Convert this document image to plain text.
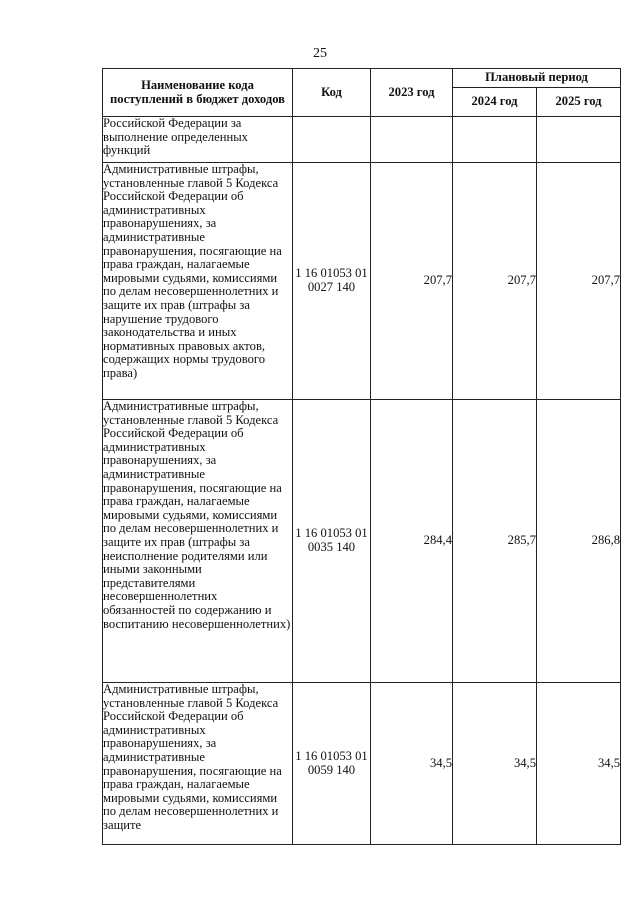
25
Наименование кода поступлений в бюджет доходов	Код	2023 год	Плановый период	
			2024 год	2025 год
Российской Федерации за выполнение определенных функций				
Административные штрафы, установленные главой 5 Кодекса Российской Федерации об административных правонарушениях, за административные правонарушения, посягающие на права граждан, налагаемые мировыми судьями, комиссиями по делам несовершеннолетних и защите их прав (штрафы за нарушение трудового законодательства и иных нормативных правовых актов, содержащих нормы трудового права)	1 16 01053 01 0027 140	207,7	207,7	207,7
Административные штрафы, установленные главой 5 Кодекса Российской Федерации об административных правонарушениях, за административные правонарушения, посягающие на права граждан, налагаемые мировыми судьями, комиссиями по делам несовершеннолетних и защите их прав (штрафы за неисполнение родителями или иными законными представителями несовершеннолетних обязанностей по содержанию и воспитанию несовершеннолетних)	1 16 01053 01 0035 140	284,4	285,7	286,8
Административные штрафы, установленные главой 5 Кодекса Российской Федерации об административных правонарушениях, за административные правонарушения, посягающие на права граждан, налагаемые мировыми судьями, комиссиями по делам несовершеннолетних и защите	1 16 01053 01 0059 140	34,5	34,5	34,5
